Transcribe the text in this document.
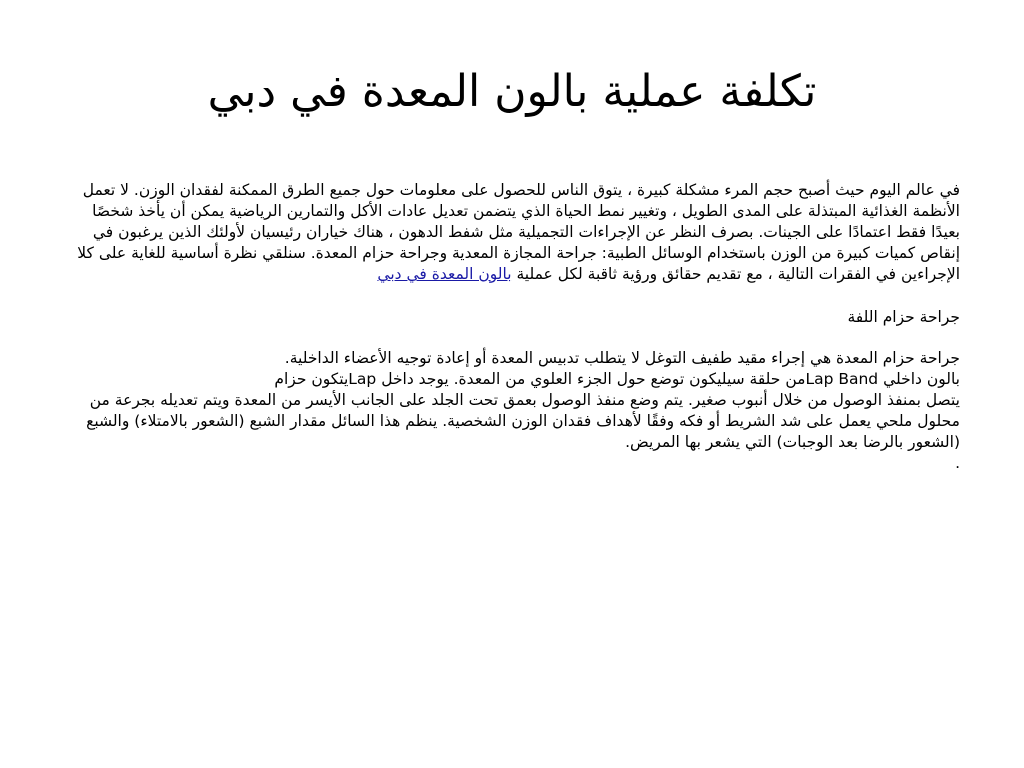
تكلفة عملية بالون المعدة في دبي

في عالم اليوم حيث أصبح حجم المرء مشكلة كبيرة ، يتوق الناس للحصول على معلومات حول جميع الطرق الممكنة لفقدان الوزن. لا تعمل الأنظمة الغذائية المبتذلة على المدى الطويل ، وتغيير نمط الحياة الذي يتضمن تعديل عادات الأكل والتمارين الرياضية يمكن أن يأخذ شخصًا بعيدًا فقط اعتمادًا على الجينات. بصرف النظر عن الإجراءات التجميلية مثل شفط الدهون ، هناك خياران رئيسيان لأولئك الذين يرغبون في إنقاص كميات كبيرة من الوزن باستخدام الوسائل الطبية: جراحة المجازة المعدية وجراحة حزام المعدة. سنلقي نظرة أساسية للغاية على كلا الإجراءين في الفقرات التالية ، مع تقديم حقائق ورؤية ثاقبة لكل عملية بالون المعدة في دبي

جراحة حزام اللفة

جراحة حزام المعدة هي إجراء مقيد طفيف التوغل لا يتطلب تدبيس المعدة أو إعادة توجيه الأعضاء الداخلية.

بالون داخلي Lap Bandمن حلقة سيليكون توضع حول الجزء العلوي من المعدة. يوجد داخل Lapيتكون حزام
يتصل بمنفذ الوصول من خلال أنبوب صغير. يتم وضع منفذ الوصول بعمق تحت الجلد على الجانب الأيسر من المعدة ويتم تعديله بجرعة من محلول ملحي يعمل على شد الشريط أو فكه وفقًا لأهداف فقدان الوزن الشخصية. ينظم هذا السائل مقدار الشبع (الشعور بالامتلاء) والشبع (الشعور بالرضا بعد الوجبات) التي يشعر بها المريض.

.
